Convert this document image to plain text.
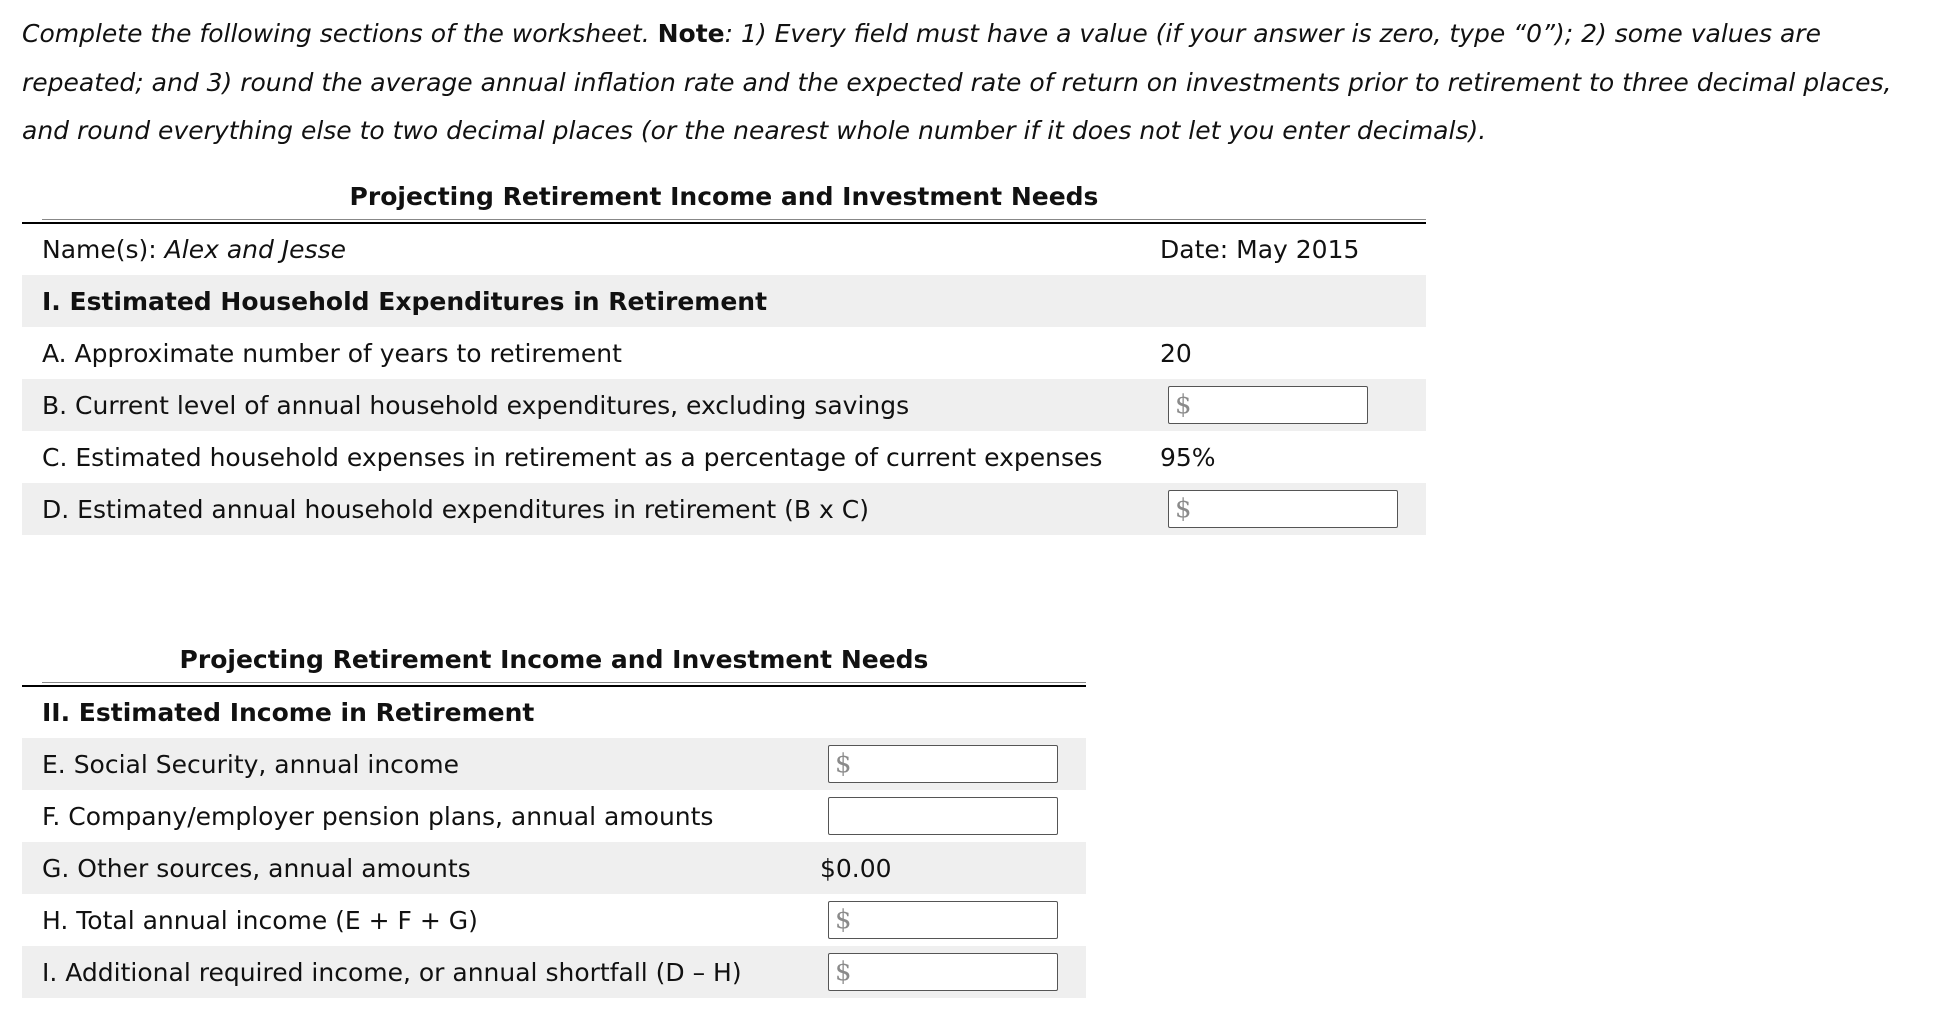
Complete the following sections of the worksheet. Note: 1) Every field must have a value (if your answer is zero, type “0”); 2) some values are repeated; and 3) round the average annual inflation rate and the expected rate of return on investments prior to retirement to three decimal places, and round everything else to two decimal places (or the nearest whole number if it does not let you enter decimals).
Projecting Retirement Income and Investment Needs
Name(s): Alex and Jesse	Date: May 2015
I. Estimated Household Expenditures in Retirement
A. Approximate number of years to retirement	20
B. Current level of annual household expenditures, excluding savings	$
C. Estimated household expenses in retirement as a percentage of current expenses 95%
D. Estimated annual household expenditures in retirement (B x C)	$
Projecting Retirement Income and Investment Needs
II. Estimated Income in Retirement
E. Social Security, annual income	$
F. Company/employer pension plans, annual amounts
G. Other sources, annual amounts	$0.00
H. Total annual income (E + F + G)	$
I. Additional required income, or annual shortfall (D – H)	$
